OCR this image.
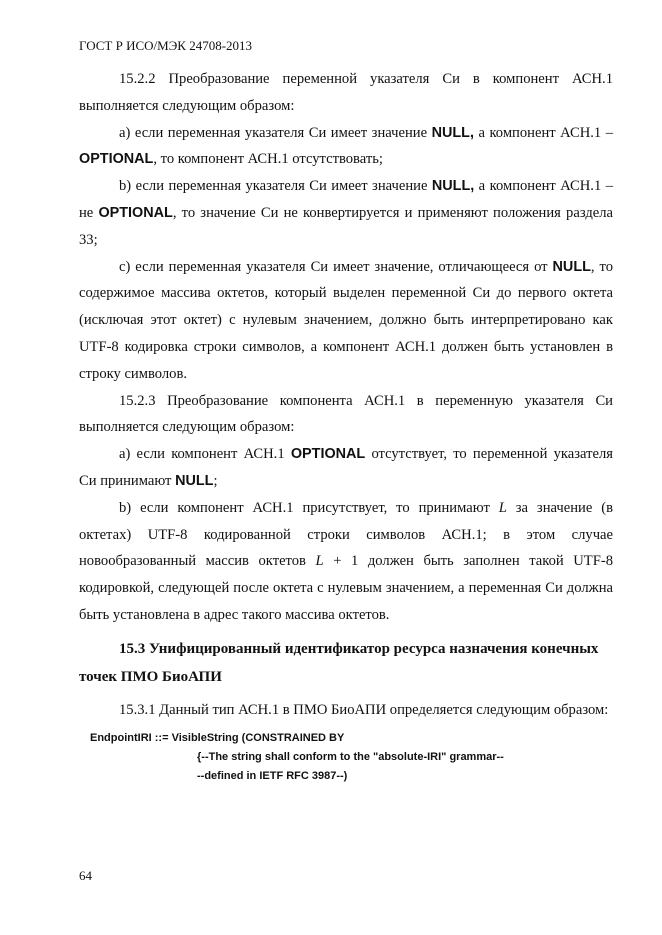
ГОСТ Р ИСО/МЭК 24708-2013

15.2.2 Преобразование переменной указателя Си в компонент АСН.1 выполняется следующим образом:

а) если переменная указателя Си имеет значение NULL, а компонент АСН.1 – OPTIONAL, то компонент АСН.1 отсутствовать;

b) если переменная указателя Си имеет значение NULL, а компонент АСН.1 – не OPTIONAL, то значение Си не конвертируется и применяют положения раздела 33;

с) если переменная указателя Си имеет значение, отличающееся от NULL, то содержимое массива октетов, который выделен переменной Си до первого октета (исключая этот октет) с нулевым значением, должно быть интерпретировано как UTF-8 кодировка строки символов, а компонент АСН.1 должен быть установлен в строку символов.

15.2.3 Преобразование компонента АСН.1 в переменную указателя Си выполняется следующим образом:

а) если компонент АСН.1 OPTIONAL отсутствует, то переменной указателя Си принимают NULL;

b) если компонент АСН.1 присутствует, то принимают L за значение (в октетах) UTF-8 кодированной строки символов АСН.1; в этом случае новообразованный массив октетов L + 1 должен быть заполнен такой UTF-8 кодировкой, следующей после октета с нулевым значением, а переменная Си должна быть установлена в адрес такого массива октетов.

15.3 Унифицированный идентификатор ресурса назначения конечных точек ПМО БиоАПИ

15.3.1 Данный тип АСН.1 в ПМО БиоАПИ определяется следующим образом:

EndpointIRI ::= VisibleString (CONSTRAINED BY
{--The string shall conform to the "absolute-IRI" grammar--
--defined in IETF RFC 3987--)
64
